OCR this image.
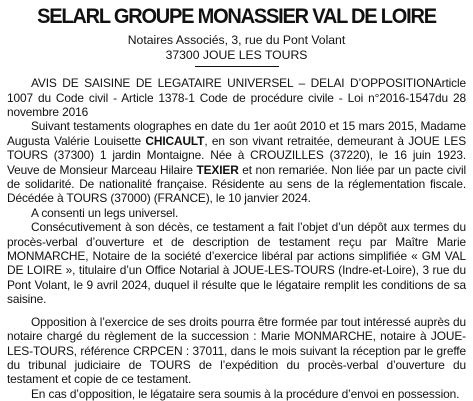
SELARL GROUPE MONASSIER VAL DE LOIRE

Notaires Associés, 3, rue du Pont Volant

37300 JOUE LES TOURS

AVIS DE SAISINE DE LEGATAIRE UNIVERSEL – DELAI D’OPPOSITIONArticle 1007 du Code civil - Article 1378-1 Code de procédure civile - Loi n°2016-1547du 28 novembre 2016

Suivant testaments olographes en date du 1er août 2010 et 15 mars 2015, Madame Augusta Valérie Louisette CHICAULT, en son vivant retraitée, demeurant à JOUE LES TOURS (37300) 1 jardin Montaigne. Née à CROUZILLES (37220), le 16 juin 1923. Veuve de Monsieur Marceau Hilaire TEXIER et non remariée. Non liée par un pacte civil de solidarité. De nationalité française. Résidente au sens de la réglementation fiscale. Décédée à TOURS (37000) (FRANCE), le 10 janvier 2024.

A consenti un legs universel.

Consécutivement à son décès, ce testament a fait l’objet d’un dépôt aux termes du procès-verbal d’ouverture et de description de testament reçu par Maître Marie MONMARCHE, Notaire de la société d’exercice libéral par actions simplifiée « GM VAL DE LOIRE », titulaire d’un Office Notarial à JOUE-LES-TOURS (Indre-et-Loire), 3 rue du Pont Volant, le 9 avril 2024, duquel il résulte que le légataire remplit les conditions de sa saisine.

Opposition à l’exercice de ses droits pourra être formée par tout intéressé auprès du notaire chargé du règlement de la succession : Marie MONMARCHE, notaire à JOUE-LES-TOURS, référence CRPCEN : 37011, dans le mois suivant la réception par le greffe du tribunal judiciaire de TOURS de l’expédition du procès-verbal d’ouverture du testament et copie de ce testament.

En cas d’opposition, le légataire sera soumis à la procédure d’envoi en possession.
